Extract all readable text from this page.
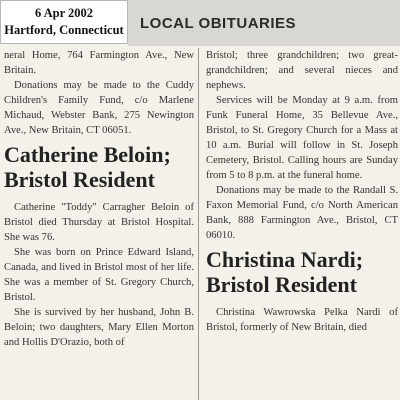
6 Apr 2002
Hartford, Connecticut LOCAL OBITUARIES

neral Home, 764 Farmington Ave., New Britain.

Donations may be made to the Cuddy Children's Family Fund, c/o Marlene Michaud, Webster Bank, 275 Newington Ave., New Britain, CT 06051.

Catherine Beloin;
Bristol Resident

Catherine "Toddy" Carragher Beloin of Bristol died Thursday at Bristol Hospital. She was 76.

She was born on Prince Edward Island, Canada, and lived in Bristol most of her life. She was a member of St. Gregory Church, Bristol.

She is survived by her husband, John B. Beloin; two daughters, Mary Ellen Morton and Hollis D'Orazio, both of

Bristol; three grandchildren; two great-grandchildren; and several nieces and nephews.

Services will be Monday at 9 a.m. from Funk Funeral Home, 35 Bellevue Ave., Bristol, to St. Gregory Church for a Mass at 10 a.m. Burial will follow in St. Joseph Cemetery, Bristol. Calling hours are Sunday from 5 to 8 p.m. at the funeral home.

Donations may be made to the Randall S. Faxon Memorial Fund, c/o North American Bank, 888 Farmington Ave., Bristol, CT 06010.

Christina Nardi;
Bristol Resident

Christina Wawrowska Pelka Nardi of Bristol, formerly of New Britain, died
